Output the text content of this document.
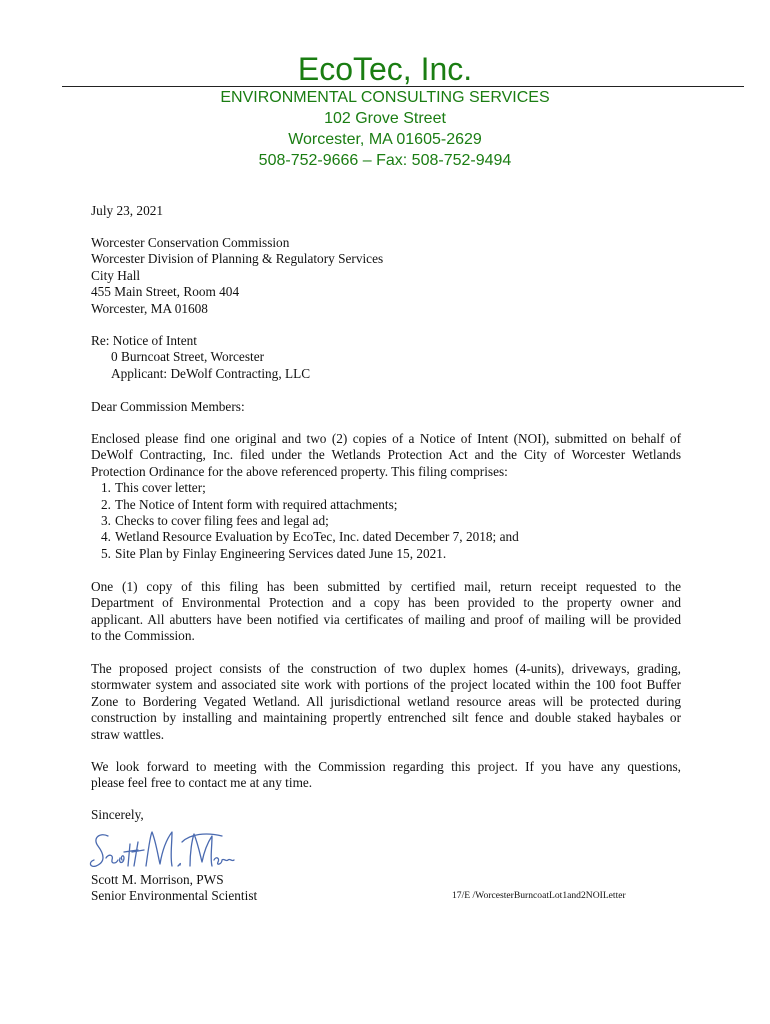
EcoTec, Inc.
ENVIRONMENTAL CONSULTING SERVICES
102 Grove Street
Worcester, MA 01605-2629
508-752-9666 – Fax: 508-752-9494
July 23, 2021
Worcester Conservation Commission
Worcester Division of Planning & Regulatory Services
City Hall
455 Main Street, Room 404
Worcester, MA 01608
Re: Notice of Intent
0 Burncoat Street, Worcester
Applicant: DeWolf Contracting, LLC
Dear Commission Members:
Enclosed please find one original and two (2) copies of a Notice of Intent (NOI), submitted on behalf of
DeWolf Contracting, Inc. filed under the Wetlands Protection Act and the City of Worcester Wetlands
Protection Ordinance for the above referenced property. This filing comprises:
1. This cover letter;
2. The Notice of Intent form with required attachments;
3. Checks to cover filing fees and legal ad;
4. Wetland Resource Evaluation by EcoTec, Inc. dated December 7, 2018; and
5. Site Plan by Finlay Engineering Services dated June 15, 2021.
One (1) copy of this filing has been submitted by certified mail, return receipt requested to the
Department of Environmental Protection and a copy has been provided to the property owner and
applicant. All abutters have been notified via certificates of mailing and proof of mailing will be provided
to the Commission.
The proposed project consists of the construction of two duplex homes (4-units), driveways, grading,
stormwater system and associated site work with portions of the project located within the 100 foot Buffer
Zone to Bordering Vegated Wetland. All jurisdictional wetland resource areas will be protected during
construction by installing and maintaining propertly entrenched silt fence and double staked haybales or
straw wattles.
We look forward to meeting with the Commission regarding this project. If you have any questions,
please feel free to contact me at any time.
Sincerely,
Scott M. Morrison, PWS
Senior Environmental Scientist	17/E /WorcesterBurncoatLot1and2NOILetter
